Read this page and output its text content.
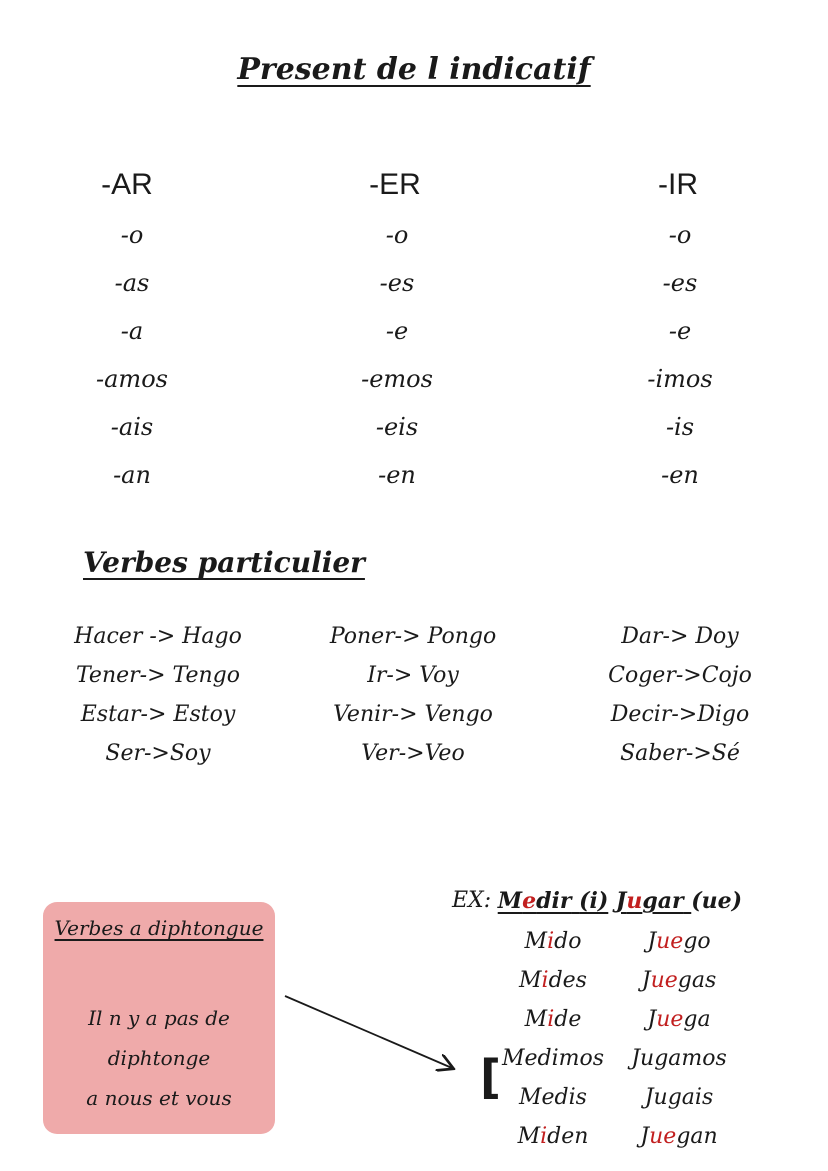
Present de l indicatif
-AR	-ER	-IR
-o
-as
-a
-amos
-ais
-an
-o
-es
-e
-emos
-eis
-en
-o
-es
-e
-imos
-is
-en
Verbes particulier
Hacer -> Hago
Tener-> Tengo
Estar-> Estoy
Ser->Soy
Poner-> Pongo
Ir-> Voy
Venir-> Vengo
Ver->Veo
Dar-> Doy
Coger->Cojo
Decir->Digo
Saber->Sé
Verbes a diphtongue
Il n y a pas de diphtonge
a nous et vous
EX:
[
Medir (i)
Mido
Mides
Mide
Medimos
Medis
Miden
Jugar (ue)
Juego
Juegas
Juega
Jugamos
Jugais
Juegan
